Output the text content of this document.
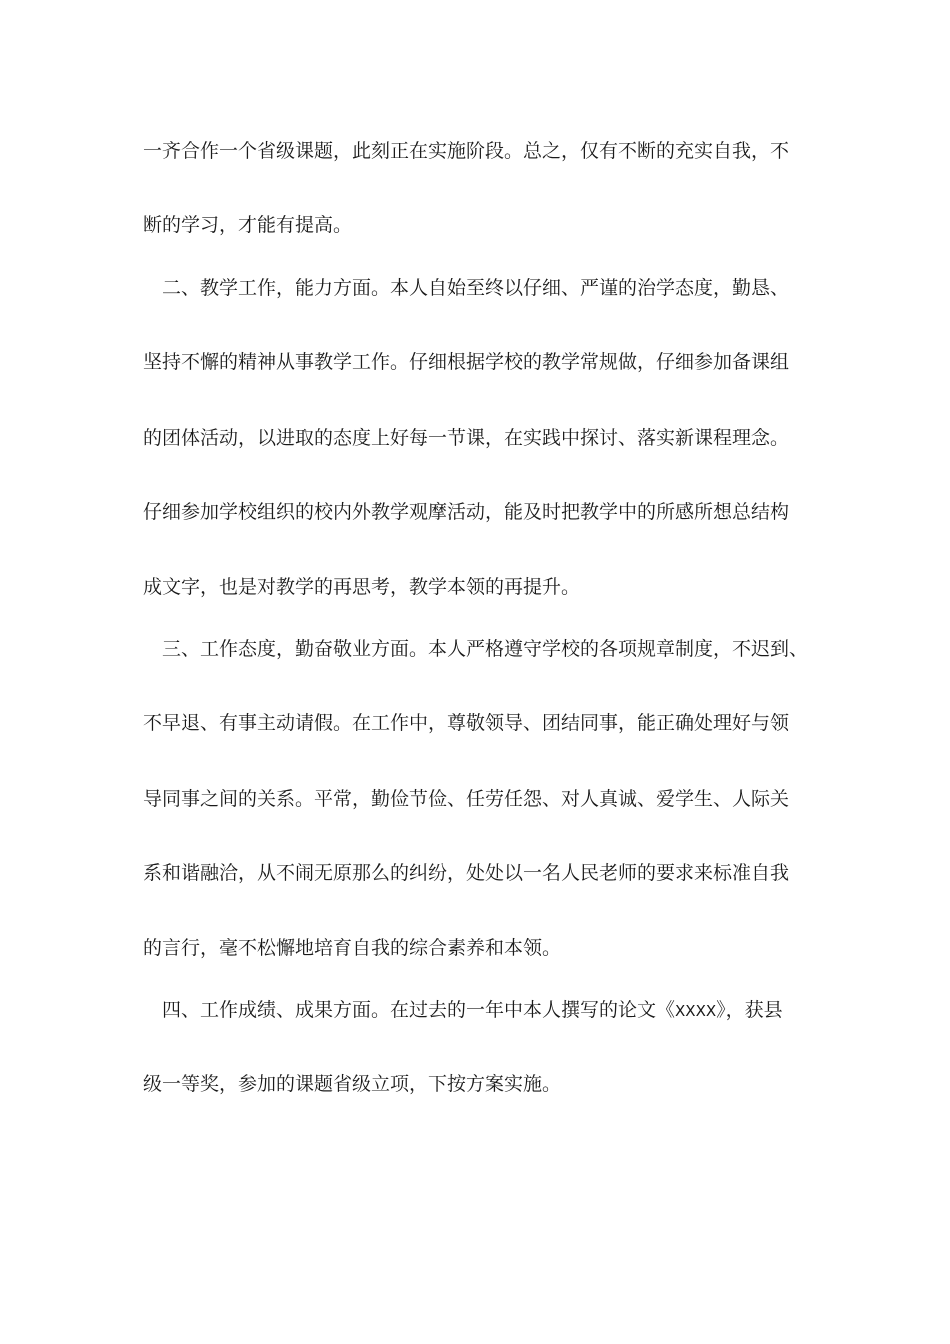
一齐合作一个省级课题，此刻正在实施阶段。总之，仅有不断的充实自我，不
断的学习，才能有提高。
二、教学工作，能力方面。本人自始至终以仔细、严谨的治学态度，勤恳、
坚持不懈的精神从事教学工作。仔细根据学校的教学常规做，仔细参加备课组
的团体活动，以进取的态度上好每一节课，在实践中探讨、落实新课程理念。
仔细参加学校组织的校内外教学观摩活动，能及时把教学中的所感所想总结构
成文字，也是对教学的再思考，教学本领的再提升。
三、工作态度，勤奋敬业方面。本人严格遵守学校的各项规章制度，不迟到、
不早退、有事主动请假。在工作中，尊敬领导、团结同事，能正确处理好与领
导同事之间的关系。平常，勤俭节俭、任劳任怨、对人真诚、爱学生、人际关
系和谐融洽，从不闹无原那么的纠纷，处处以一名人民老师的要求来标准自我
的言行，毫不松懈地培育自我的综合素养和本领。
四、工作成绩、成果方面。在过去的一年中本人撰写的论文《XXXX》，获县
级一等奖，参加的课题省级立项，下按方案实施。
